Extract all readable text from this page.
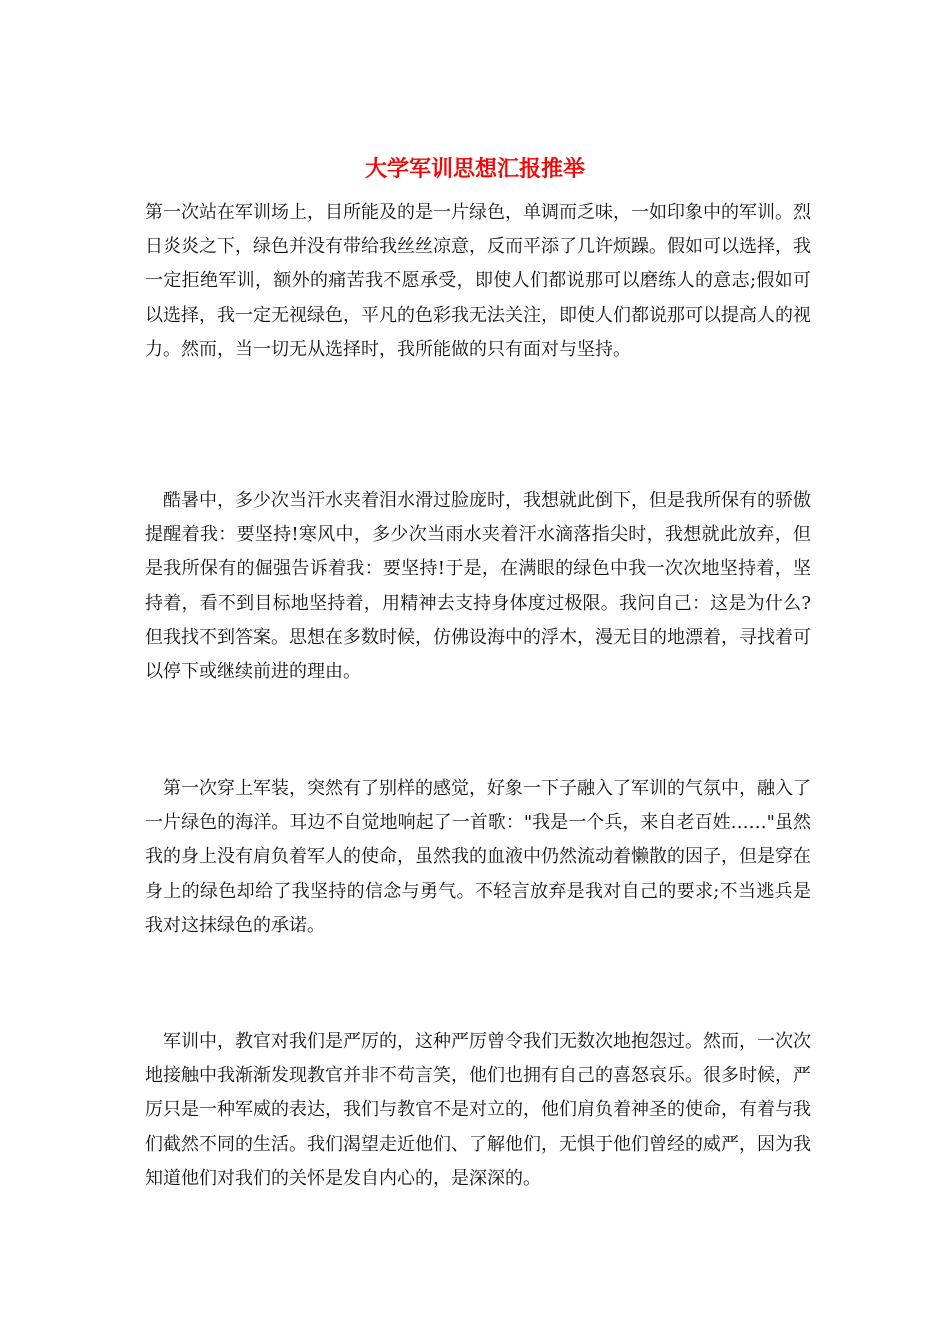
大学军训思想汇报推举

第一次站在军训场上，目所能及的是一片绿色，单调而乏味，一如印象中的军训。烈日炎炎之下，绿色并没有带给我丝丝凉意，反而平添了几许烦躁。假如可以选择，我一定拒绝军训，额外的痛苦我不愿承受，即使人们都说那可以磨练人的意志;假如可以选择，我一定无视绿色，平凡的色彩我无法关注，即使人们都说那可以提高人的视力。然而，当一切无从选择时，我所能做的只有面对与坚持。

酷暑中，多少次当汗水夹着泪水滑过脸庞时，我想就此倒下，但是我所保有的骄傲提醒着我：要坚持!寒风中，多少次当雨水夹着汗水滴落指尖时，我想就此放弃，但是我所保有的倔强告诉着我：要坚持!于是，在满眼的绿色中我一次次地坚持着，坚持着，看不到目标地坚持着，用精神去支持身体度过极限。我问自己：这是为什么?但我找不到答案。思想在多数时候，仿佛设海中的浮木，漫无目的地漂着，寻找着可以停下或继续前进的理由。

第一次穿上军装，突然有了别样的感觉，好象一下子融入了军训的气氛中，融入了一片绿色的海洋。耳边不自觉地响起了一首歌："我是一个兵，来自老百姓……"虽然我的身上没有肩负着军人的使命，虽然我的血液中仍然流动着懒散的因子，但是穿在身上的绿色却给了我坚持的信念与勇气。不轻言放弃是我对自己的要求;不当逃兵是我对这抹绿色的承诺。

军训中，教官对我们是严厉的，这种严厉曾令我们无数次地抱怨过。然而，一次次地接触中我渐渐发现教官并非不苟言笑，他们也拥有自己的喜怒哀乐。很多时候，严厉只是一种军威的表达，我们与教官不是对立的，他们肩负着神圣的使命，有着与我们截然不同的生活。我们渴望走近他们、了解他们，无惧于他们曾经的威严，因为我知道他们对我们的关怀是发自内心的，是深深的。
